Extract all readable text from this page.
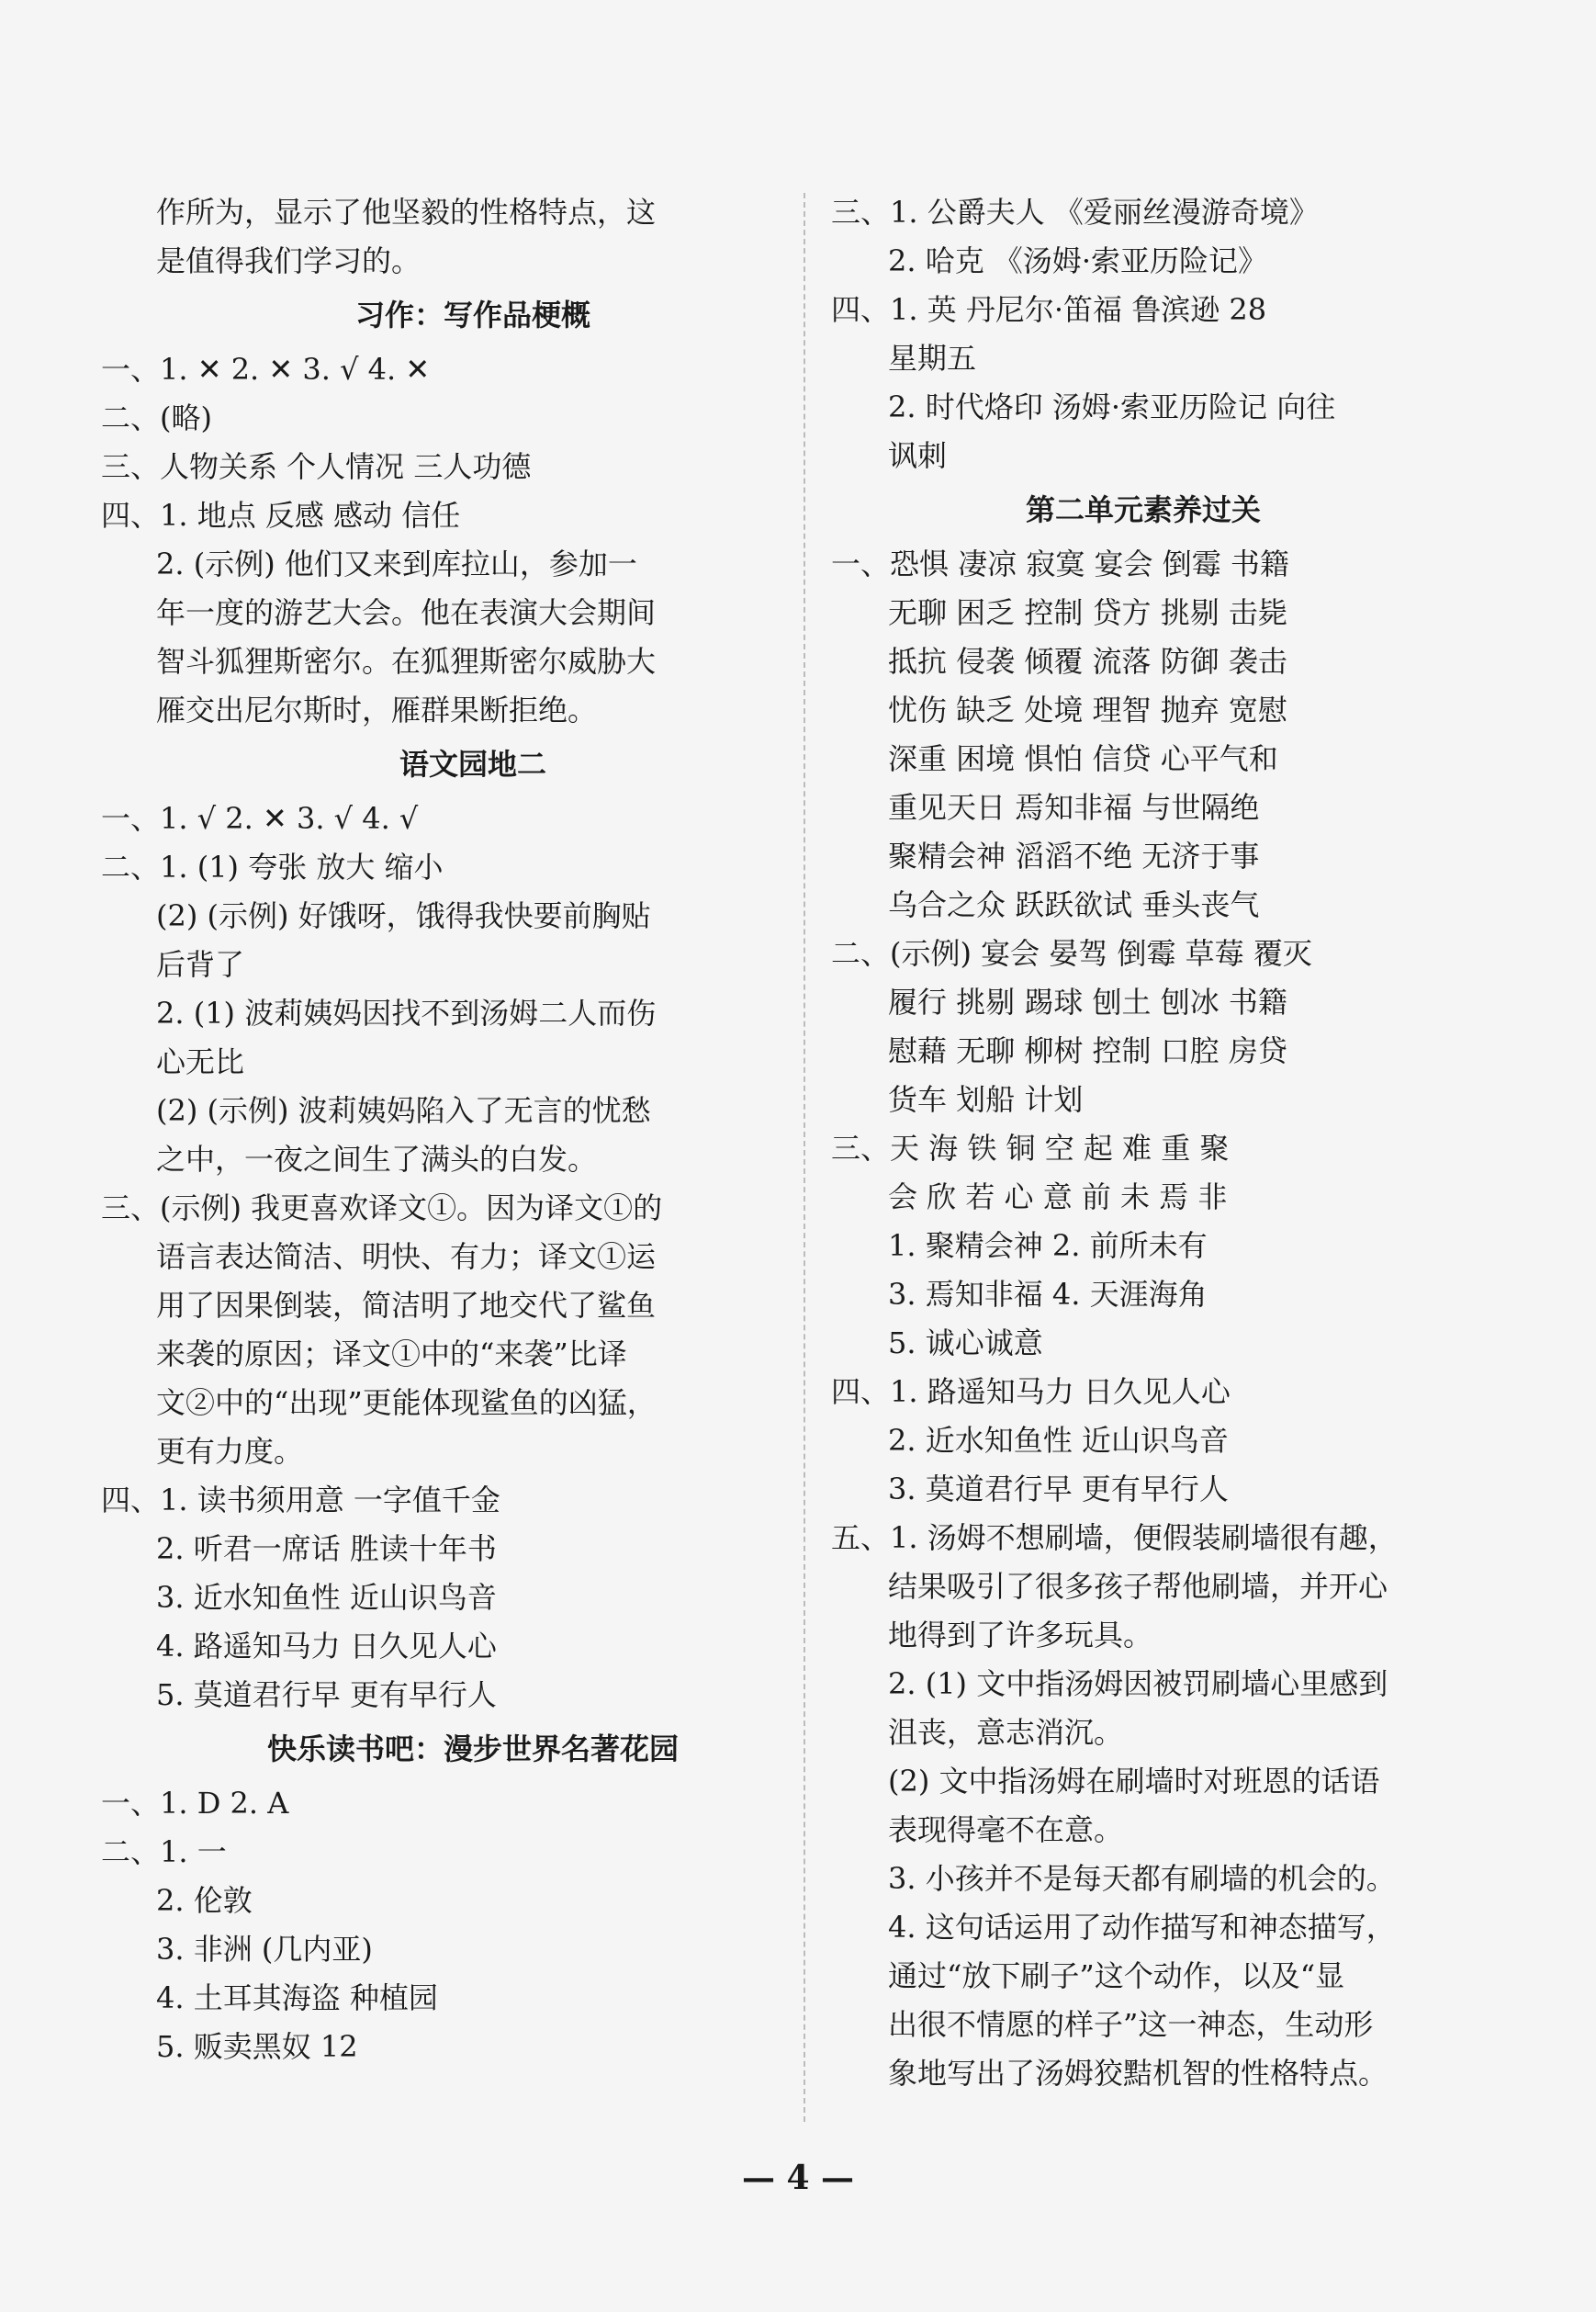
作所为，显示了他坚毅的性格特点，这
是值得我们学习的。
习作：写作品梗概
一、1. ✕ 2. ✕ 3. √ 4. ✕
二、(略)
三、人物关系 个人情况 三人功德
四、1. 地点 反感 感动 信任
2. (示例) 他们又来到库拉山，参加一
年一度的游艺大会。他在表演大会期间
智斗狐狸斯密尔。在狐狸斯密尔威胁大
雁交出尼尔斯时，雁群果断拒绝。
语文园地二
一、1. √ 2. ✕ 3. √ 4. √
二、1. (1) 夸张 放大 缩小
(2) (示例) 好饿呀，饿得我快要前胸贴
后背了
2. (1) 波莉姨妈因找不到汤姆二人而伤
心无比
(2) (示例) 波莉姨妈陷入了无言的忧愁
之中，一夜之间生了满头的白发。
三、(示例) 我更喜欢译文①。因为译文①的
语言表达简洁、明快、有力；译文①运
用了因果倒装，简洁明了地交代了鲨鱼
来袭的原因；译文①中的“来袭”比译
文②中的“出现”更能体现鲨鱼的凶猛，
更有力度。
四、1. 读书须用意 一字值千金
2. 听君一席话 胜读十年书
3. 近水知鱼性 近山识鸟音
4. 路遥知马力 日久见人心
5. 莫道君行早 更有早行人
快乐读书吧：漫步世界名著花园
一、1. D 2. A
二、1. 一
2. 伦敦
3. 非洲 (几内亚)
4. 土耳其海盗 种植园
5. 贩卖黑奴 12
三、1. 公爵夫人 《爱丽丝漫游奇境》
2. 哈克 《汤姆·索亚历险记》
四、1. 英 丹尼尔·笛福 鲁滨逊 28
星期五
2. 时代烙印 汤姆·索亚历险记 向往
讽刺
第二单元素养过关
一、恐惧 凄凉 寂寞 宴会 倒霉 书籍
无聊 困乏 控制 贷方 挑剔 击毙
抵抗 侵袭 倾覆 流落 防御 袭击
忧伤 缺乏 处境 理智 抛弃 宽慰
深重 困境 惧怕 信贷 心平气和
重见天日 焉知非福 与世隔绝
聚精会神 滔滔不绝 无济于事
乌合之众 跃跃欲试 垂头丧气
二、(示例) 宴会 晏驾 倒霉 草莓 覆灭
履行 挑剔 踢球 刨土 刨冰 书籍
慰藉 无聊 柳树 控制 口腔 房贷
货车 划船 计划
三、天 海 铁 铜 空 起 难 重 聚
会 欣 若 心 意 前 未 焉 非
1. 聚精会神 2. 前所未有
3. 焉知非福 4. 天涯海角
5. 诚心诚意
四、1. 路遥知马力 日久见人心
2. 近水知鱼性 近山识鸟音
3. 莫道君行早 更有早行人
五、1. 汤姆不想刷墙，便假装刷墙很有趣，
结果吸引了很多孩子帮他刷墙，并开心
地得到了许多玩具。
2. (1) 文中指汤姆因被罚刷墙心里感到
沮丧，意志消沉。
(2) 文中指汤姆在刷墙时对班恩的话语
表现得毫不在意。
3. 小孩并不是每天都有刷墙的机会的。
4. 这句话运用了动作描写和神态描写，
通过“放下刷子”这个动作，以及“显
出很不情愿的样子”这一神态，生动形
象地写出了汤姆狡黠机智的性格特点。
— 4 —
